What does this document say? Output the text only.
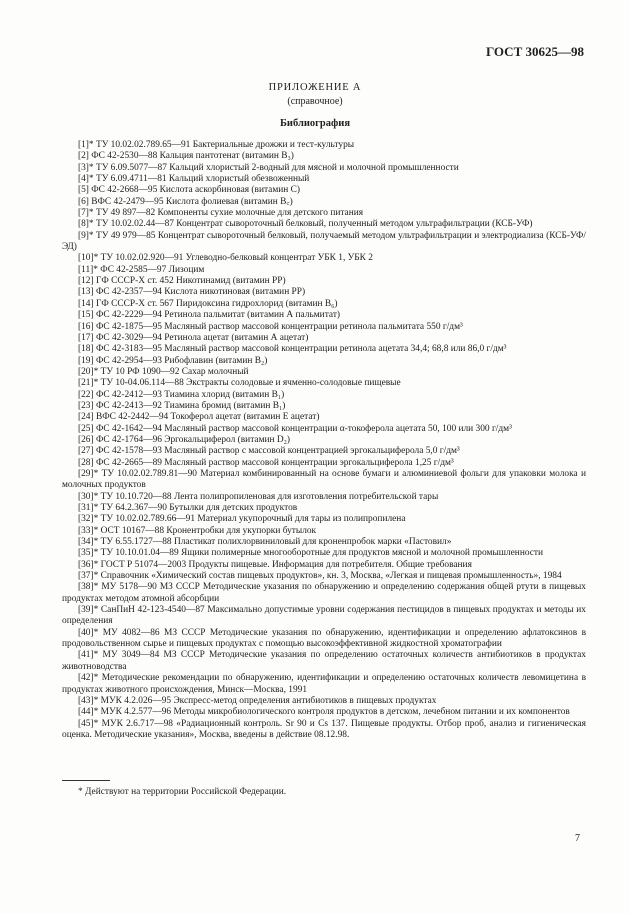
ГОСТ 30625—98
ПРИЛОЖЕНИЕ А
(справочное)
Библиография

[1]* ТУ 10.02.02.789.65—91 Бактериальные дрожжи и тест-культуры

[2] ФС 42-2530—88 Кальция пантотенат (витамин B₃)

[3]* ТУ 6.09.5077—87 Кальций хлористый 2-водный для мясной и молочной промышленности

[4]* ТУ 6.09.4711—81 Кальций хлористый обезвоженный

[5] ФС 42-2668—95 Кислота аскорбиновая (витамин С)

[6] ВФС 42-2479—95 Кислота фолиевая (витамин B꜀)

[7]* ТУ 49 897—82 Компоненты сухие молочные для детского питания

[8]* ТУ 10.02.02.44—87 Концентрат сывороточный белковый, полученный методом ультрафильтрации (КСБ-УФ)

[9]* ТУ 49 979—85 Концентрат сывороточный белковый, получаемый методом ультрафильтрации и электродиализа (КСБ-УФ/ЭД)

[10]* ТУ 10.02.02.920—91 Углеводно-белковый концентрат УБК 1, УБК 2

[11]* ФС 42-2585—97 Лизоцим

[12] ГФ СССР-Х ст. 452 Никотинамид (витамин PP)

[13] ФС 42-2357—94 Кислота никотиновая (витамин PP)

[14] ГФ СССР-Х ст. 567 Пиридоксина гидрохлорид (витамин B₆)

[15] ФС 42-2229—94 Ретинола пальмитат (витамин А пальмитат)

[16] ФС 42-1875—95 Масляный раствор массовой концентрации ретинола пальмитата 550 г/дм³

[17] ФС 42-3029—94 Ретинола ацетат (витамин А ацетат)

[18] ФС 42-3183—95 Масляный раствор массовой концентрации ретинола ацетата 34,4; 68,8 или 86,0 г/дм³

[19] ФС 42-2954—93 Рибофлавин (витамин B₂)

[20]* ТУ 10 РФ 1090—92 Сахар молочный

[21]* ТУ 10-04.06.114—88 Экстракты солодовые и ячменно-солодовые пищевые

[22] ФС 42-2412—93 Тиамина хлорид (витамин B₁)

[23] ФС 42-2413—92 Тиамина бромид (витамин B₁)

[24] ВФС 42-2442—94 Токоферол ацетат (витамин Е ацетат)

[25] ФС 42-1642—94 Масляный раствор массовой концентрации α-токоферола ацетата 50, 100 или 300 г/дм³

[26] ФС 42-1764—96 Эргокальциферол (витамин D₂)

[27] ФС 42-1578—93 Масляный раствор с массовой концентрацией эргокальциферола 5,0 г/дм³

[28] ФС 42-2665—89 Масляный раствор массовой концентрации эргокальциферола 1,25 г/дм³

[29]* ТУ 10.02.02.789.81—90 Материал комбинированный на основе бумаги и алюминиевой фольги для упаковки молока и молочных продуктов

[30]* ТУ 10.10.720—88 Лента полипропиленовая для изготовления потребительской тары

[31]* ТУ 64.2.367—90 Бутылки для детских продуктов

[32]* ТУ 10.02.02.789.66—91 Материал укупорочный для тары из полипропилена

[33]* ОСТ 10167—88 Кронентробки для укупорки бутылок

[34]* ТУ 6.55.1727—88 Пластикат полихлорвиниловый для кроненпробок марки «Пастовил»

[35]* ТУ 10.10.01.04—89 Ящики полимерные многооборотные для продуктов мясной и молочной промышленности

[36]* ГОСТ Р 51074—2003 Продукты пищевые. Информация для потребителя. Общие требования

[37]* Справочник «Химический состав пищевых продуктов», кн. 3, Москва, «Легкая и пищевая промышленность», 1984

[38]* МУ 5178—90 МЗ СССР Методические указания по обнаружению и определению содержания общей ртути в пищевых продуктах методом атомной абсорбции

[39]* СанПиН 42-123-4540—87 Максимально допустимые уровни содержания пестицидов в пищевых продуктах и методы их определения

[40]* МУ 4082—86 МЗ СССР Методические указания по обнаружению, идентификации и определению афлатоксинов в продовольственном сырье и пищевых продуктах с помощью высокоэффективной жидкостной хроматографии

[41]* МУ 3049—84 МЗ СССР Методические указания по определению остаточных количеств антибиотиков в продуктах животноводства

[42]* Методические рекомендации по обнаружению, идентификации и определению остаточных количеств левомицетина в продуктах животного происхождения, Минск—Москва, 1991

[43]* МУК 4.2.026—95 Экспресс-метод определения антибиотиков в пищевых продуктах

[44]* МУК 4.2.577—96 Методы микробиологического контроля продуктов в детском, лечебном питании и их компонентов

[45]* МУК 2.6.717—98 «Радиационный контроль. Sr 90 и Cs 137. Пищевые продукты. Отбор проб, анализ и гигиеническая оценка. Методические указания», Москва, введены в действие 08.12.98.

* Действуют на территории Российской Федерации.
7
